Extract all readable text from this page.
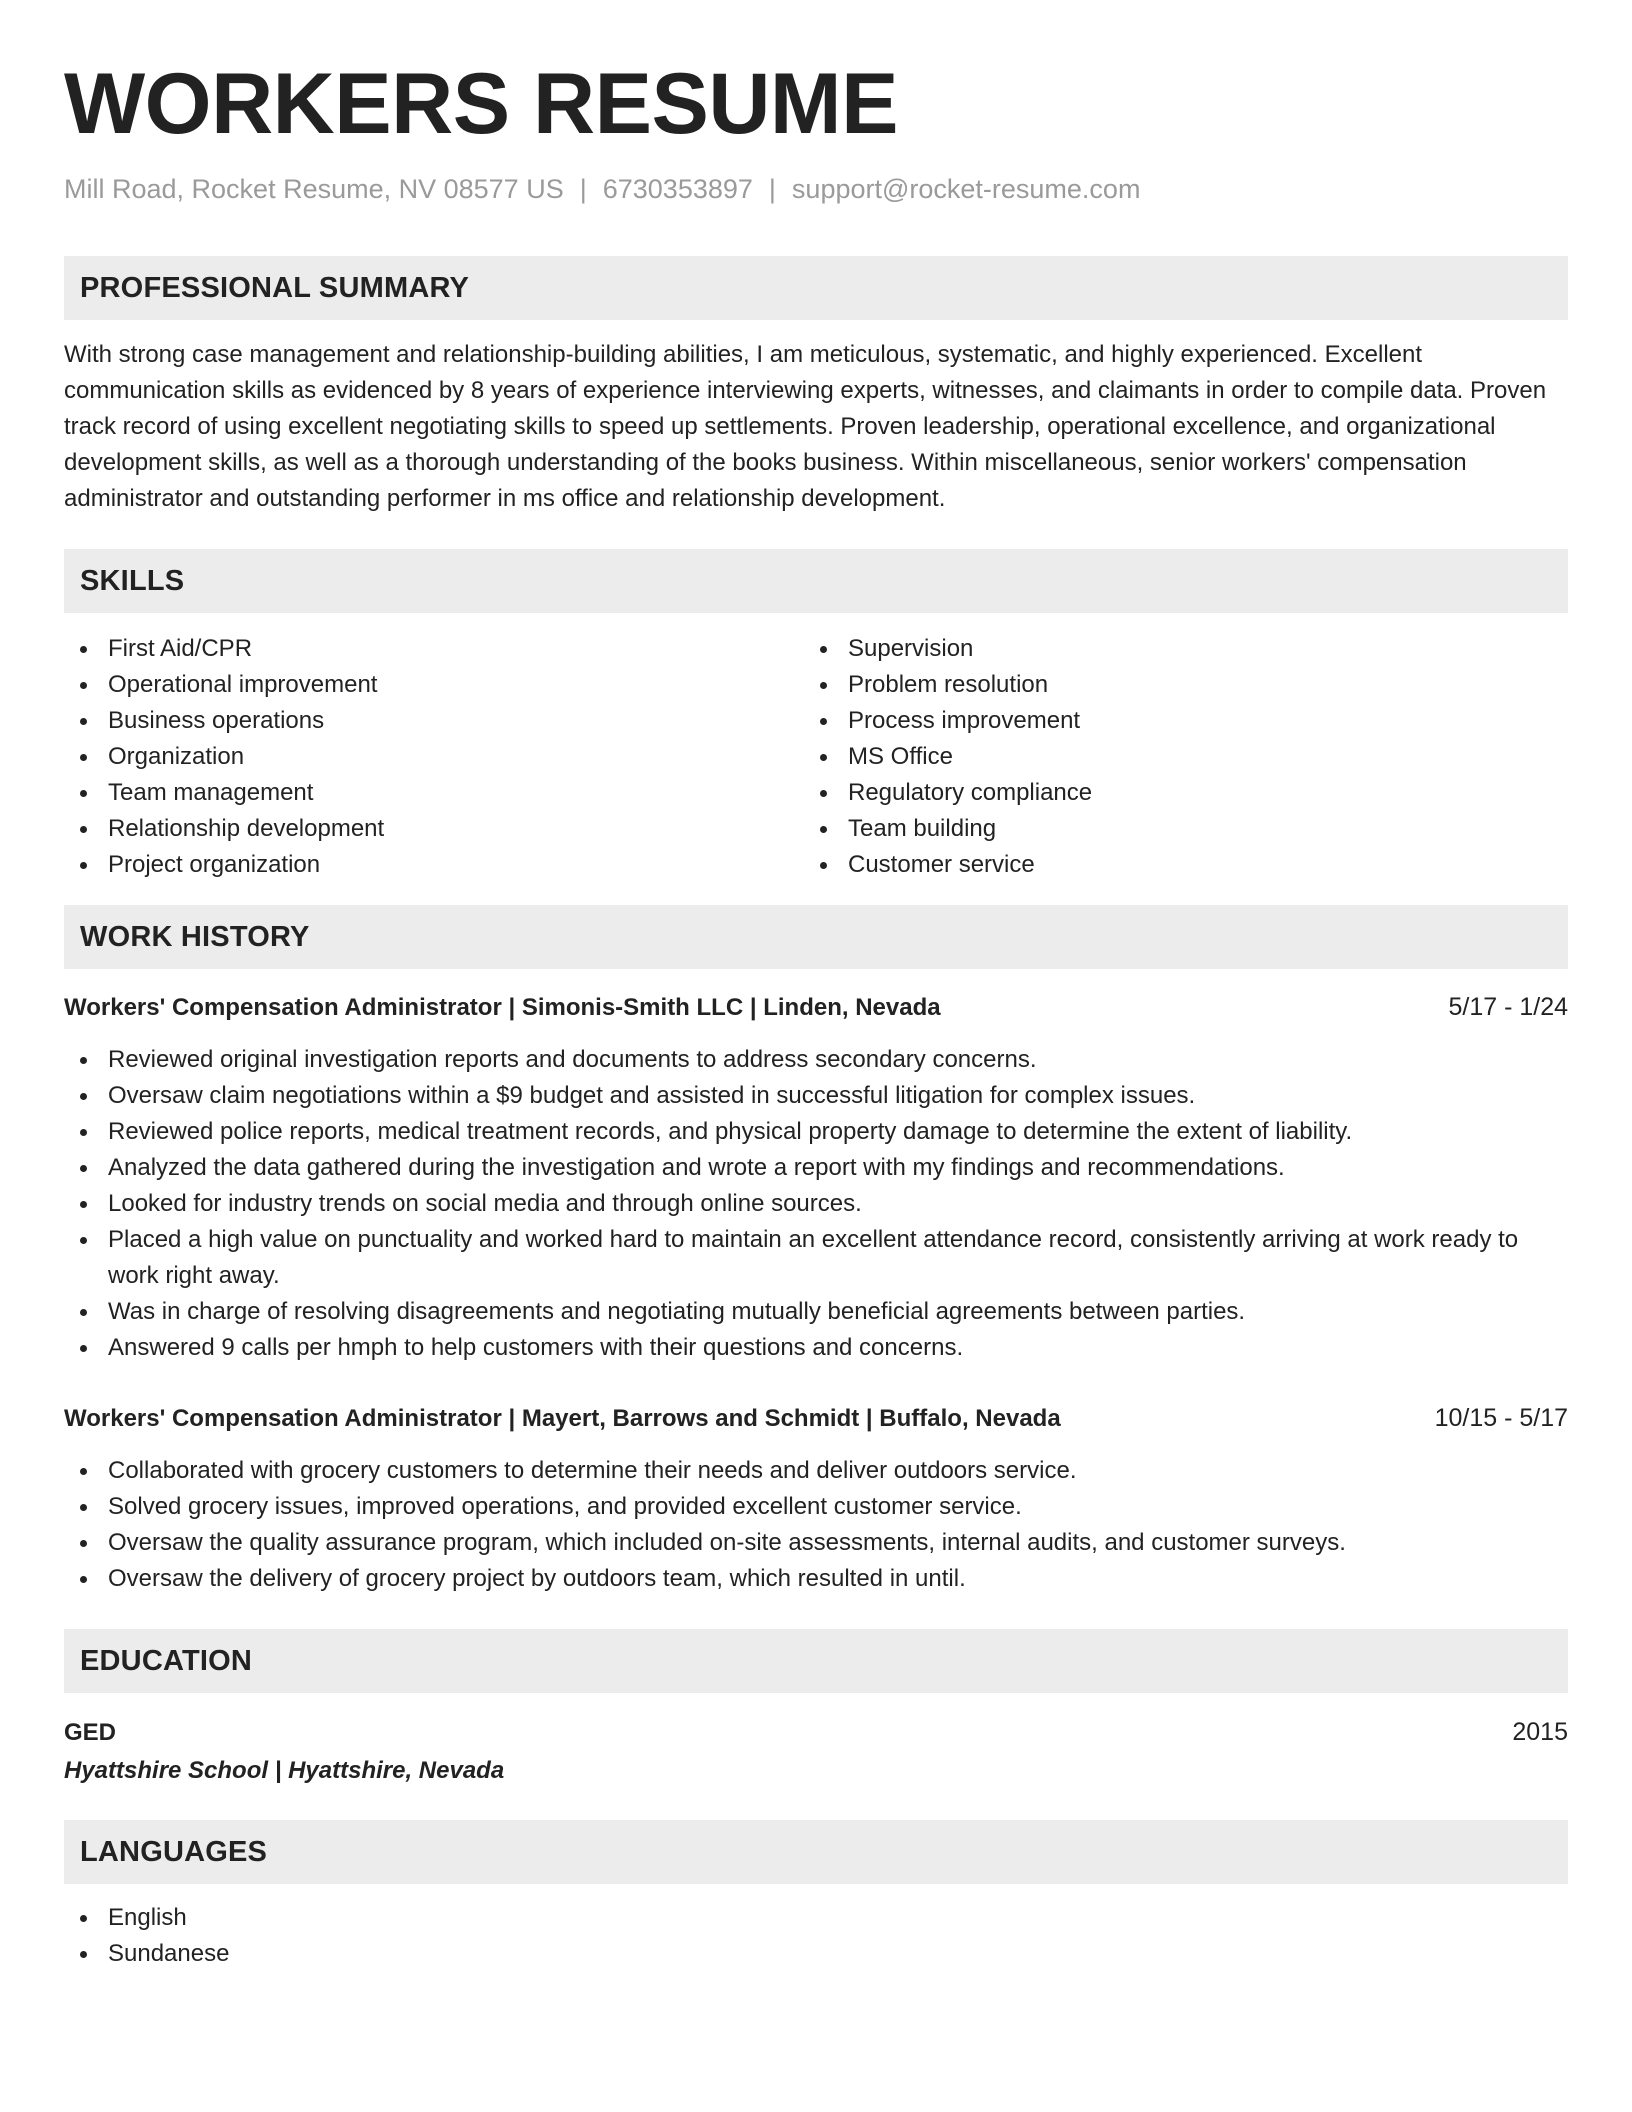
WORKERS RESUME
Mill Road, Rocket Resume, NV 08577 US | 6730353897 | support@rocket-resume.com
PROFESSIONAL SUMMARY

With strong case management and relationship-building abilities, I am meticulous, systematic, and highly experienced. Excellent communication skills as evidenced by 8 years of experience interviewing experts, witnesses, and claimants in order to compile data. Proven track record of using excellent negotiating skills to speed up settlements. Proven leadership, operational excellence, and organizational development skills, as well as a thorough understanding of the books business. Within miscellaneous, senior workers' compensation administrator and outstanding performer in ms office and relationship development.

SKILLS
First Aid/CPR
Operational improvement
Business operations
Organization
Team management
Relationship development
Project organization
Supervision
Problem resolution
Process improvement
MS Office
Regulatory compliance
Team building
Customer service
WORK HISTORY
Workers' Compensation Administrator | Simonis-Smith LLC | Linden, Nevada	5/17 - 1/24
Reviewed original investigation reports and documents to address secondary concerns.
Oversaw claim negotiations within a $9 budget and assisted in successful litigation for complex issues.
Reviewed police reports, medical treatment records, and physical property damage to determine the extent of liability.
Analyzed the data gathered during the investigation and wrote a report with my findings and recommendations.
Looked for industry trends on social media and through online sources.
Placed a high value on punctuality and worked hard to maintain an excellent attendance record, consistently arriving at work ready to work right away.
Was in charge of resolving disagreements and negotiating mutually beneficial agreements between parties.
Answered 9 calls per hmph to help customers with their questions and concerns.
Workers' Compensation Administrator | Mayert, Barrows and Schmidt | Buffalo, Nevada	10/15 - 5/17
Collaborated with grocery customers to determine their needs and deliver outdoors service.
Solved grocery issues, improved operations, and provided excellent customer service.
Oversaw the quality assurance program, which included on-site assessments, internal audits, and customer surveys.
Oversaw the delivery of grocery project by outdoors team, which resulted in until.
EDUCATION
GED	2015
Hyattshire School | Hyattshire, Nevada
LANGUAGES
English
Sundanese
